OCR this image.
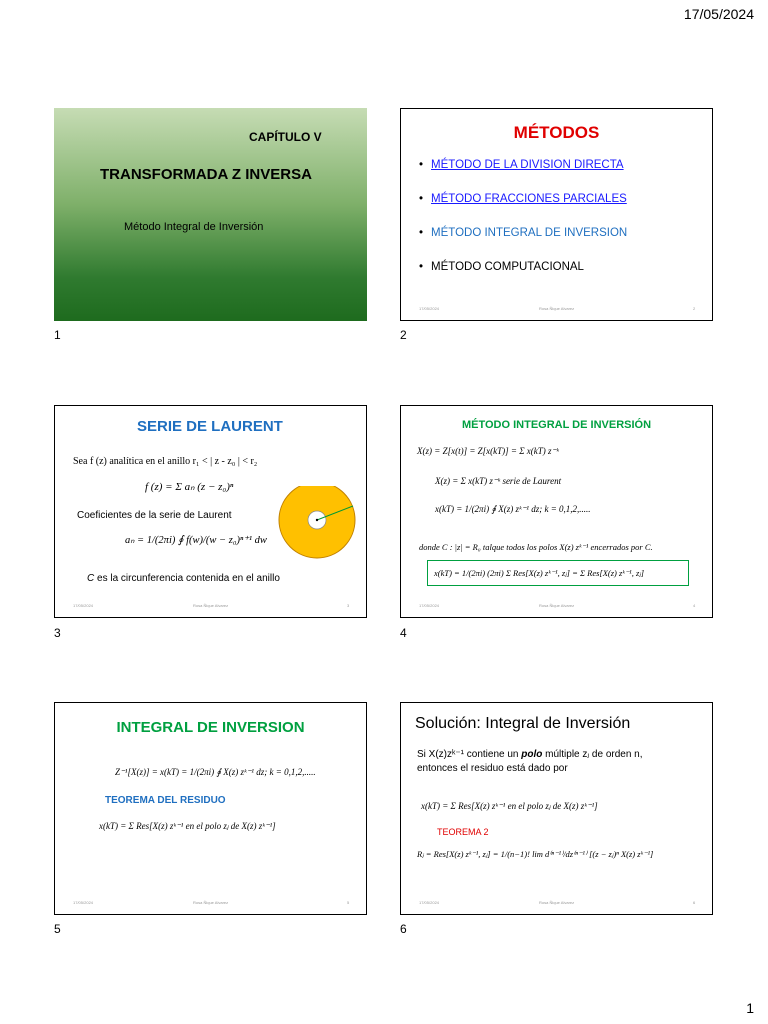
17/05/2024
CAPÍTULO V
TRANSFORMADA Z INVERSA
Método Integral de Inversión
1
MÉTODOS
• MÉTODO DE LA DIVISION DIRECTA
• MÉTODO FRACCIONES PARCIALES
• MÉTODO INTEGRAL DE INVERSION
• MÉTODO COMPUTACIONAL
17/05/2024	Rosa Ñique Alvarez	2
2
SERIE DE LAURENT
Sea f (z) analítica en el anillo r₁ < | z - z₀ | < r₂
f (z) = Σ aₙ (z − z₀)ⁿ
Coeficientes de la serie de Laurent
aₙ = 1/(2πi) ∮ f(w)/(w − z₀)ⁿ⁺¹ dw
C es la circunferencia contenida en el anillo
17/05/2024	Rosa Ñique Alvarez	3
3
MÉTODO INTEGRAL DE INVERSIÓN
X(z) = Z[x(t)] = Z[x(kT)] = Σ x(kT) z⁻ᵏ
X(z) = Σ x(kT) z⁻ᵏ serie de Laurent
x(kT) = 1/(2πi) ∮ X(z) zᵏ⁻¹ dz; k = 0,1,2,.....
donde C : |z| = R₀ talque todos los polos X(z) zᵏ⁻¹ encerrados por C.
x(kT) = 1/(2πi) (2πi) Σ Res[X(z) zᵏ⁻¹, zⱼ] = Σ Res[X(z) zᵏ⁻¹, zⱼ]
17/05/2024	Rosa Ñique Alvarez	4
4
INTEGRAL DE INVERSION
Z⁻¹[X(z)] = x(kT) = 1/(2πi) ∮ X(z) zᵏ⁻¹ dz; k = 0,1,2,.....
TEOREMA DEL RESIDUO
x(kT) = Σ Res[X(z) zᵏ⁻¹ en el polo zⱼ de X(z) zᵏ⁻¹]
17/05/2024	Rosa Ñique Alvarez	5
5
Solución: Integral de Inversión
Si X(z)zᵏ⁻¹ contiene un polo múltiple zⱼ de orden n,
entonces el residuo está dado por
x(kT) = Σ Res[X(z) zᵏ⁻¹ en el polo zⱼ de X(z) zᵏ⁻¹]
TEOREMA 2
Rⱼ = Res[X(z) zᵏ⁻¹, zⱼ] = 1/(n−1)! lim d⁽ⁿ⁻¹⁾/dz⁽ⁿ⁻¹⁾ [(z − zⱼ)ⁿ X(z) zᵏ⁻¹]
17/05/2024	Rosa Ñique Alvarez	6
6
1
